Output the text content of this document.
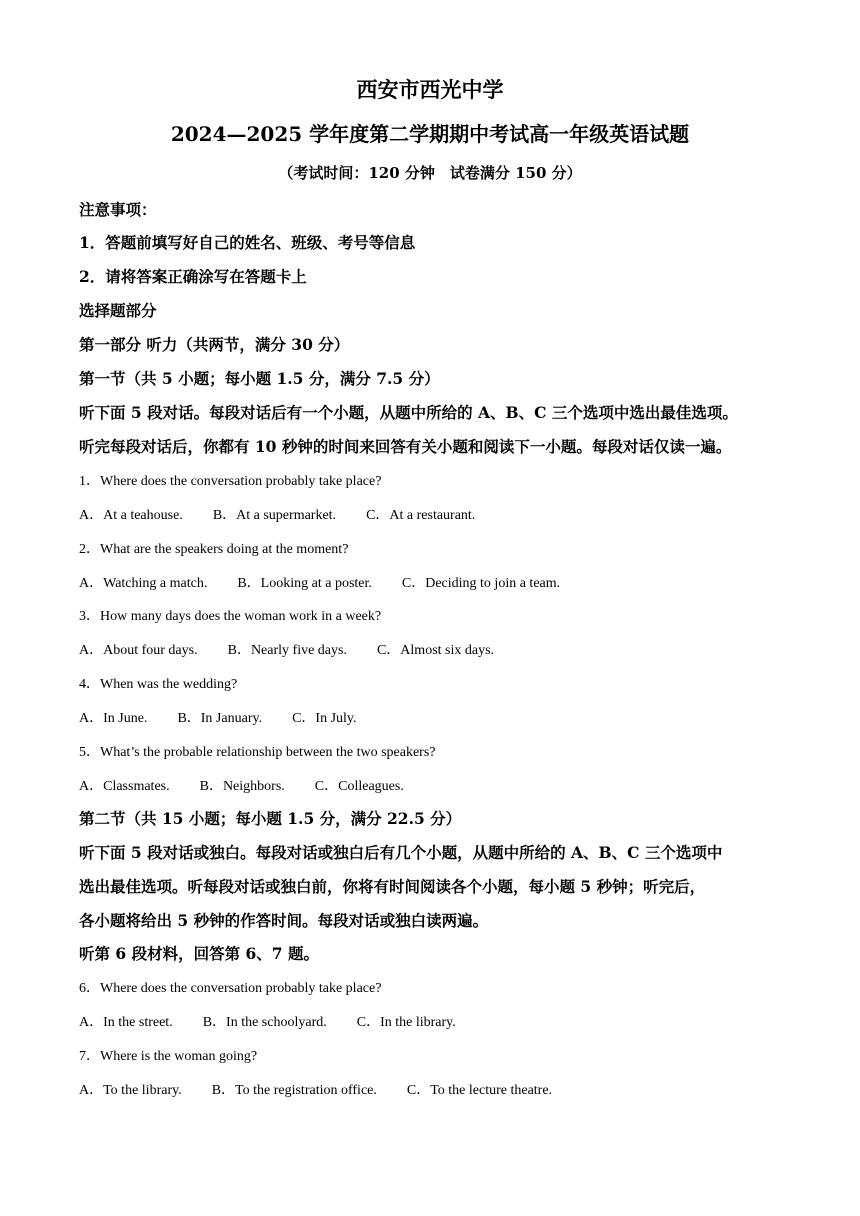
西安市西光中学
2024—2025 学年度第二学期期中考试高一年级英语试题
（考试时间：120 分钟　试卷满分 150 分）
注意事项：
1．答题前填写好自己的姓名、班级、考号等信息
2．请将答案正确涂写在答题卡上
选择题部分
第一部分 听力（共两节，满分 30 分）
第一节（共 5 小题；每小题 1.5 分，满分 7.5 分）
听下面 5 段对话。每段对话后有一个小题，从题中所给的 A、B、C 三个选项中选出最佳选项。
听完每段对话后，你都有 10 秒钟的时间来回答有关小题和阅读下一小题。每段对话仅读一遍。
1．Where does the conversation probably take place?
A．At a teahouse. B．At a supermarket. C．At a restaurant.
2．What are the speakers doing at the moment?
A．Watching a match. B．Looking at a poster. C．Deciding to join a team.
3．How many days does the woman work in a week?
A．About four days. B．Nearly five days. C．Almost six days.
4．When was the wedding?
A．In June. B．In January. C．In July.
5．What’s the probable relationship between the two speakers?
A．Classmates. B．Neighbors. C．Colleagues.
第二节（共 15 小题；每小题 1.5 分，满分 22.5 分）
听下面 5 段对话或独白。每段对话或独白后有几个小题，从题中所给的 A、B、C 三个选项中
选出最佳选项。听每段对话或独白前，你将有时间阅读各个小题，每小题 5 秒钟；听完后，
各小题将给出 5 秒钟的作答时间。每段对话或独白读两遍。
听第 6 段材料，回答第 6、7 题。
6．Where does the conversation probably take place?
A．In the street. B．In the schoolyard. C．In the library.
7．Where is the woman going?
A．To the library. B．To the registration office. C．To the lecture theatre.
